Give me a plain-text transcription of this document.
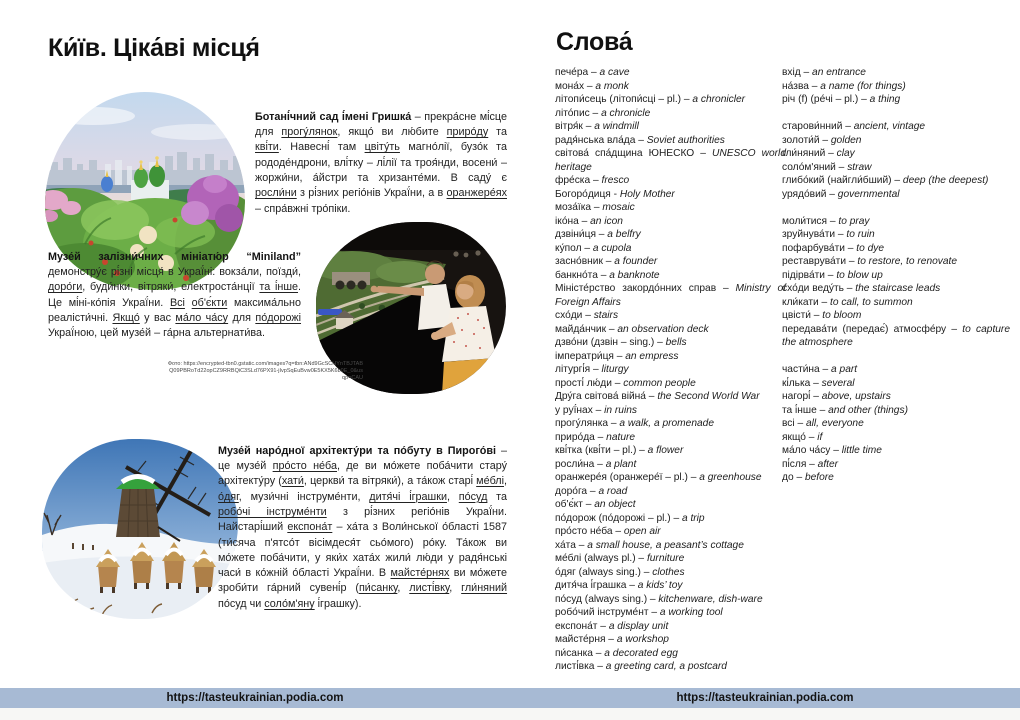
Ки́їв. Ціка́ві місця́

Ботані́чний сад і́мені Гришка́ – прекра́сне мі́сце для прогу́лянок, якщо́ ви лю́бите приро́ду та кві́ти. Навесні́ там цвіту́ть магно́лії, бузо́к та рододе́ндрони, влі́тку – лі́лії та троя́нди, восени́ – жоржи́ни, а́йстри та хризанте́ми. В саду́ є росли́ни з рі́зних регіо́нів Украї́ни, а в оранжере́ях – спра́вжні тро́піки.

Музе́й залізни́чних мініатю́р “Miniland” демонстру́є рі́зні місця́ в Украї́ні: вокза́ли, поїзди́, доро́ги, буди́нки, вітряки́, електроста́нції та і́нше. Це мі́ні-ко́пія Украї́ни. Всі об'є́кти максима́льно реалісти́чні. Якщо́ у вас ма́ло ча́су для по́дорожі Украї́ною, цей музе́й – га́рна альтернати́ва.

Фото: https://encrypted-tbn0.gstatic.com/images?q=tbn:ANd9GcSCHYnTBJTABQ09PBRoTd22opCZ9RRBQiC3SLd76PX91-jIvpSqEuBvw0E5KX5K6b0E_0&usqp=CAU

Музе́й наро́дної архітекту́ри та по́буту в Пирого́ві – це музе́й про́сто не́ба, де ви мо́жете поба́чити стару́ архітекту́ру (хати́, церкви́ та вітряки́), а та́кож старі́ ме́блі, о́дяг, музи́чні інструме́нти, дитя́чі і́грашки, по́суд та робо́чі інструме́нти з рі́зних регіо́нів Украї́ни. Найстарі́ший експона́т – ха́та з Воли́нської о́бласті 1587 (ти́сяча п'ятсо́т вісімдеся́т сьо́мого) ро́ку. Та́кож ви мо́жете поба́чити, у яки́х хата́х жили́ лю́ди у радя́нські часи́ в ко́жній о́бласті Украї́ни. В майсте́рнях ви мо́жете зроби́ти га́рний сувені́р (пи́санку, листі́вку, гли́няний по́суд чи соло́м'яну і́грашку).

Слова́
пече́ра – a cave
мона́х – a monk
літопи́сець (літопи́сці – pl.) – a chronicler
літо́пис – a chronicle
вітря́к – a windmill
радя́нська вла́да – Soviet authorities
світова́ спа́дщина ЮНЕСКО – UNESCO world heritage
фре́ска – fresco
Богоро́диця - Holy Mother
моза́їка – mosaic
іко́на – an icon
дзвіни́ця – a belfry
ку́пол – a cupola
засно́вник – a founder
банкно́та – a banknote
Міністе́рство закордо́нних справ – Ministry of Foreign Affairs
схо́ди – stairs
майда́нчик – an observation deck
дзво́ни (дзвін – sing.) – bells
імператри́ця – an empress
літургі́я – liturgy
прості́ лю́ди – common people
Дру́га світова́ війна́ – the Second World War
у руї́нах – in ruins
прогу́лянка – a walk, a promenade
приро́да – nature
кві́тка (кві́ти – pl.) – a flower
росли́на – a plant
оранжере́я (оранжере́ї – pl.) – a greenhouse
доро́га – a road
об'є́кт – an object
по́дорож (по́дорожі – pl.) – a trip
про́сто не́ба – open air
ха́та – a small house, a peasant’s cottage
ме́блі (always pl.) – furniture
о́дяг (always sing.) – clothes
дитя́ча і́грашка – a kids’ toy
по́суд (always sing.) – kitchenware, dish-ware
робо́чий інструме́нт – a working tool
експона́т – a display unit
майсте́рня – a workshop
пи́санка – a decorated egg
листі́вка – a greeting card, a postcard
вхід – an entrance
на́зва – a name (for things)
річ (f) (ре́чі – pl.) – a thing
старови́нний – ancient, vintage
золоти́й – golden
гли́няний – clay
соло́м'яний – straw
глибо́кий (найгли́бший) – deep (the deepest)
урядо́вий – governmental
моли́тися – to pray
зруйнува́ти – to ruin
пофарбува́ти – to dye
реставрува́ти – to restore, to renovate
підірва́ти – to blow up
схо́ди веду́ть – the staircase leads
кли́кати – to call, to summon
цвісти́ – to bloom
передава́ти (передає́) атмосфе́ру – to capture the atmosphere
части́на – a part
кі́лька – several
нагорі́ – above, upstairs
та і́нше – and other (things)
всі – all, everyone
якщо́ – if
ма́ло ча́су – little time
пі́сля – after
до – before
https://tasteukrainian.podia.com	https://tasteukrainian.podia.com
